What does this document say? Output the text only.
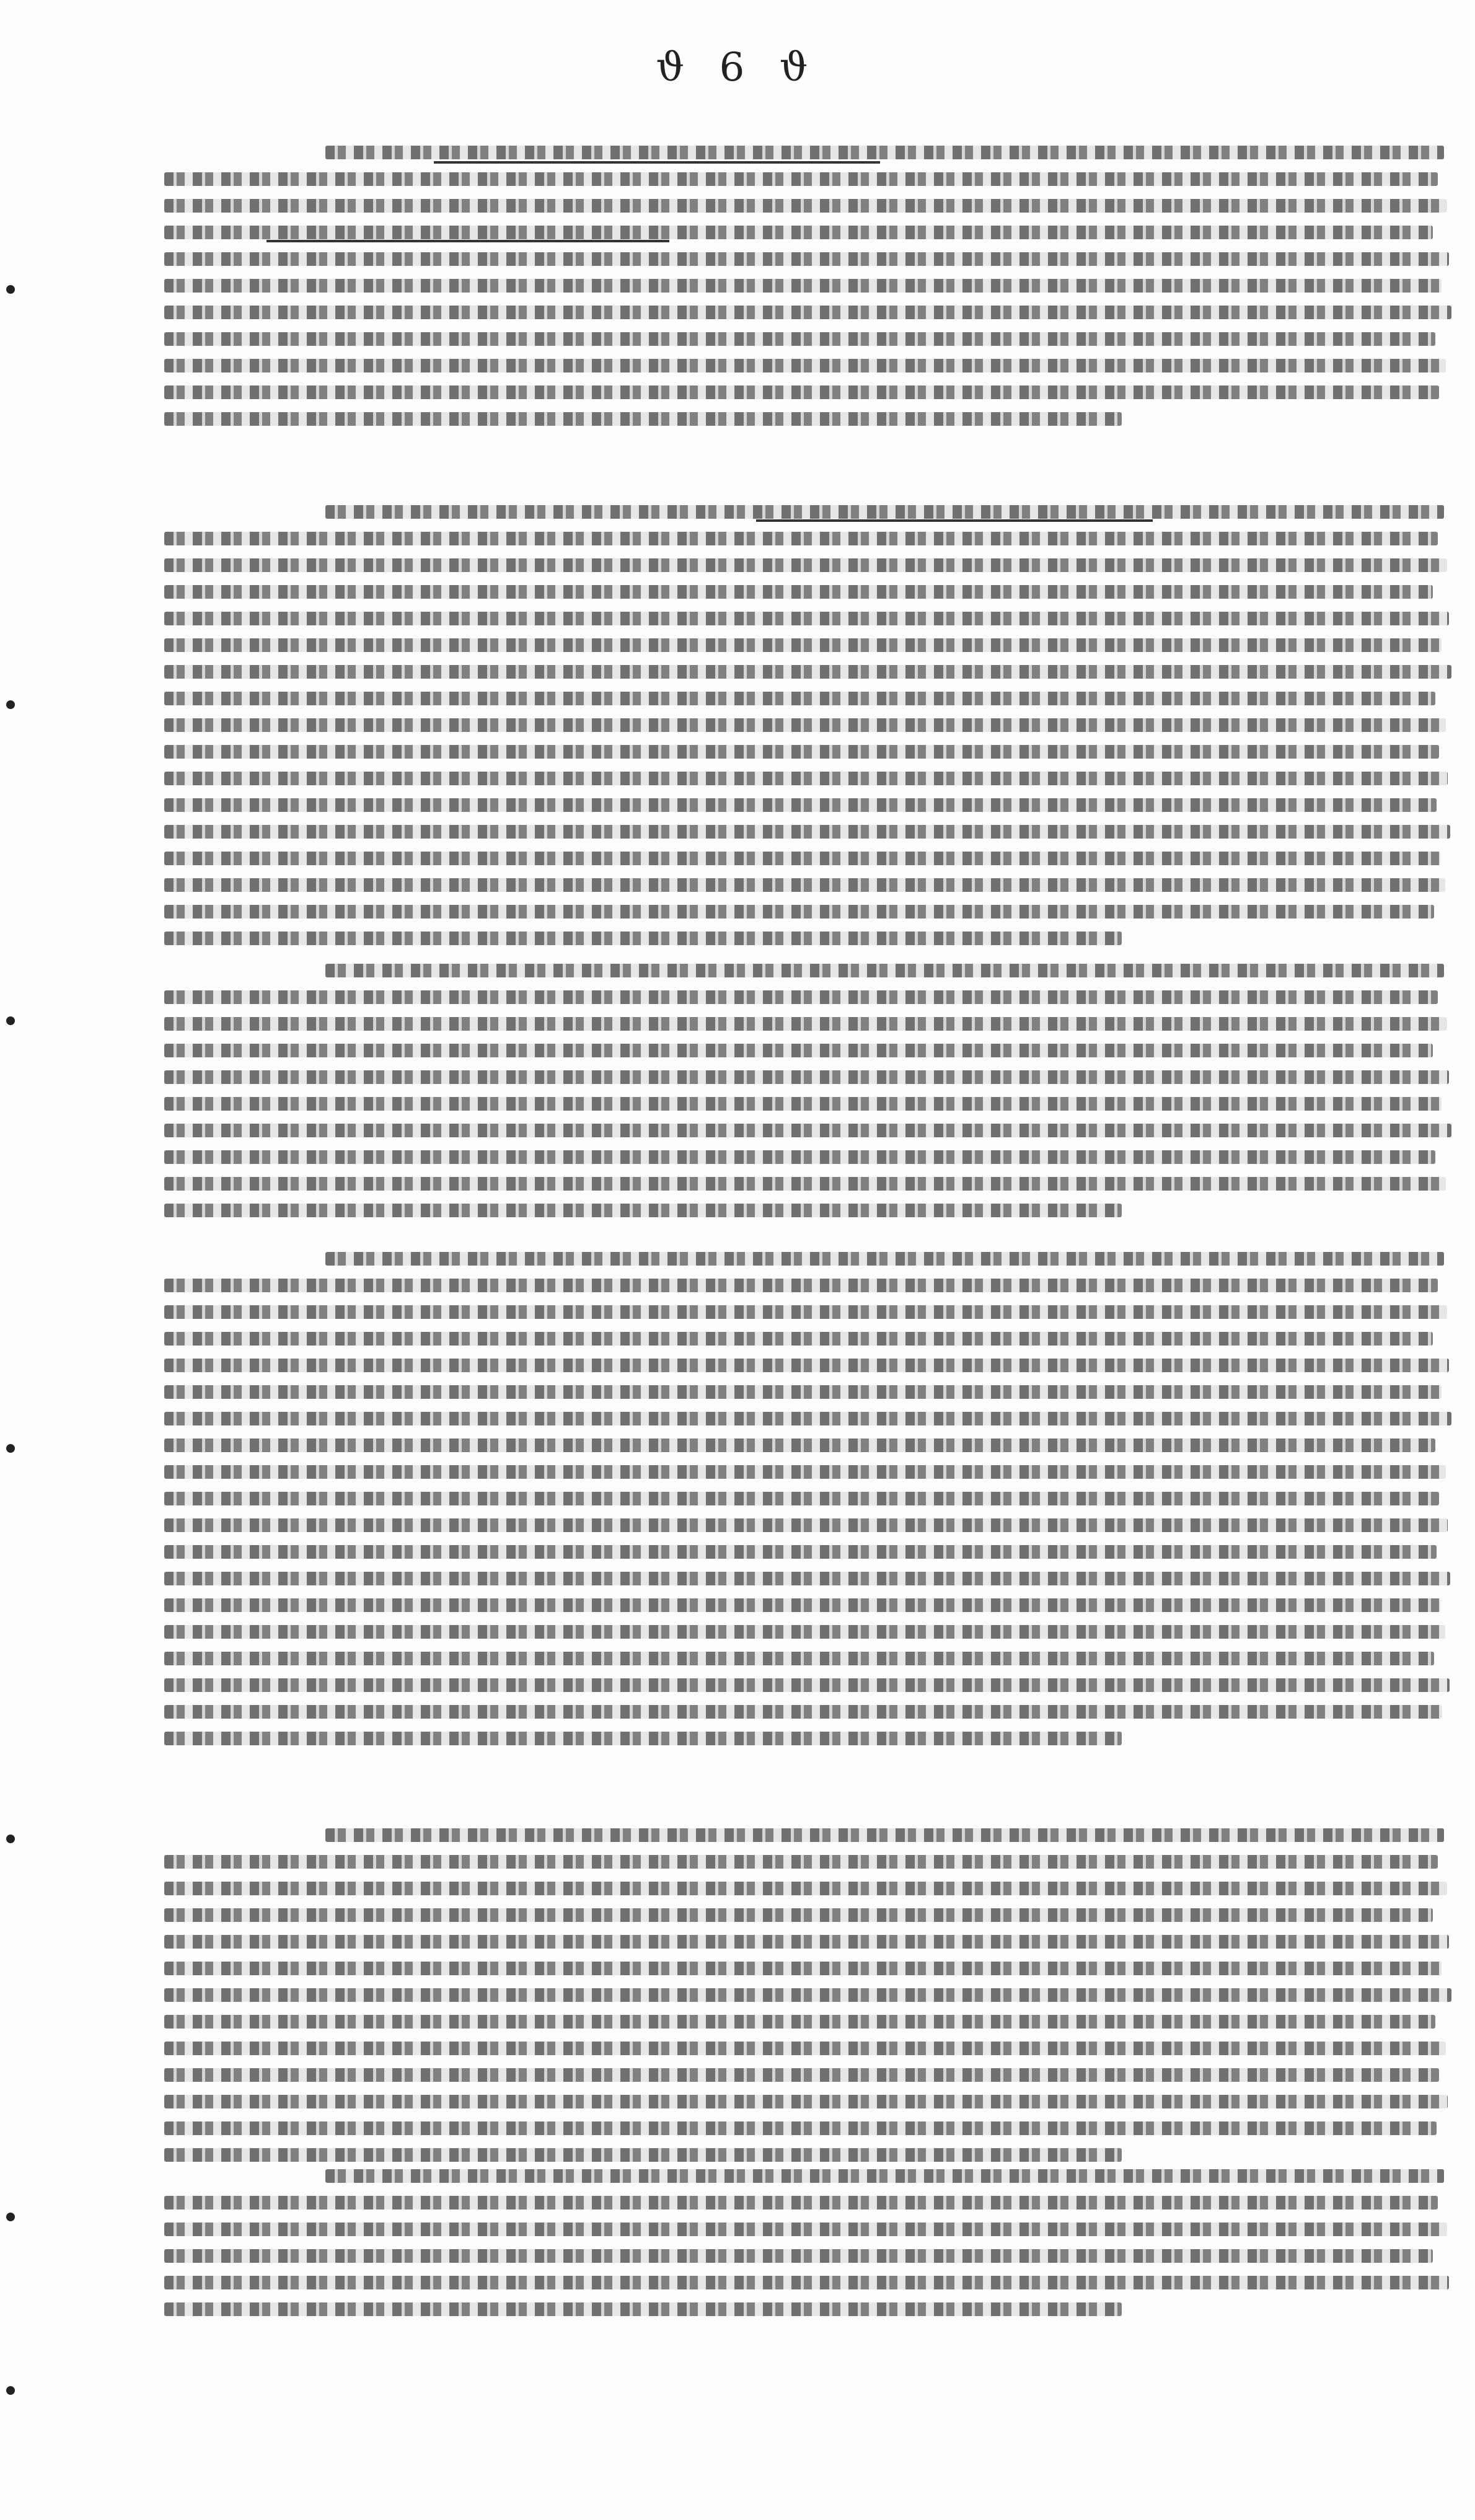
ϑ 6 ϑ
